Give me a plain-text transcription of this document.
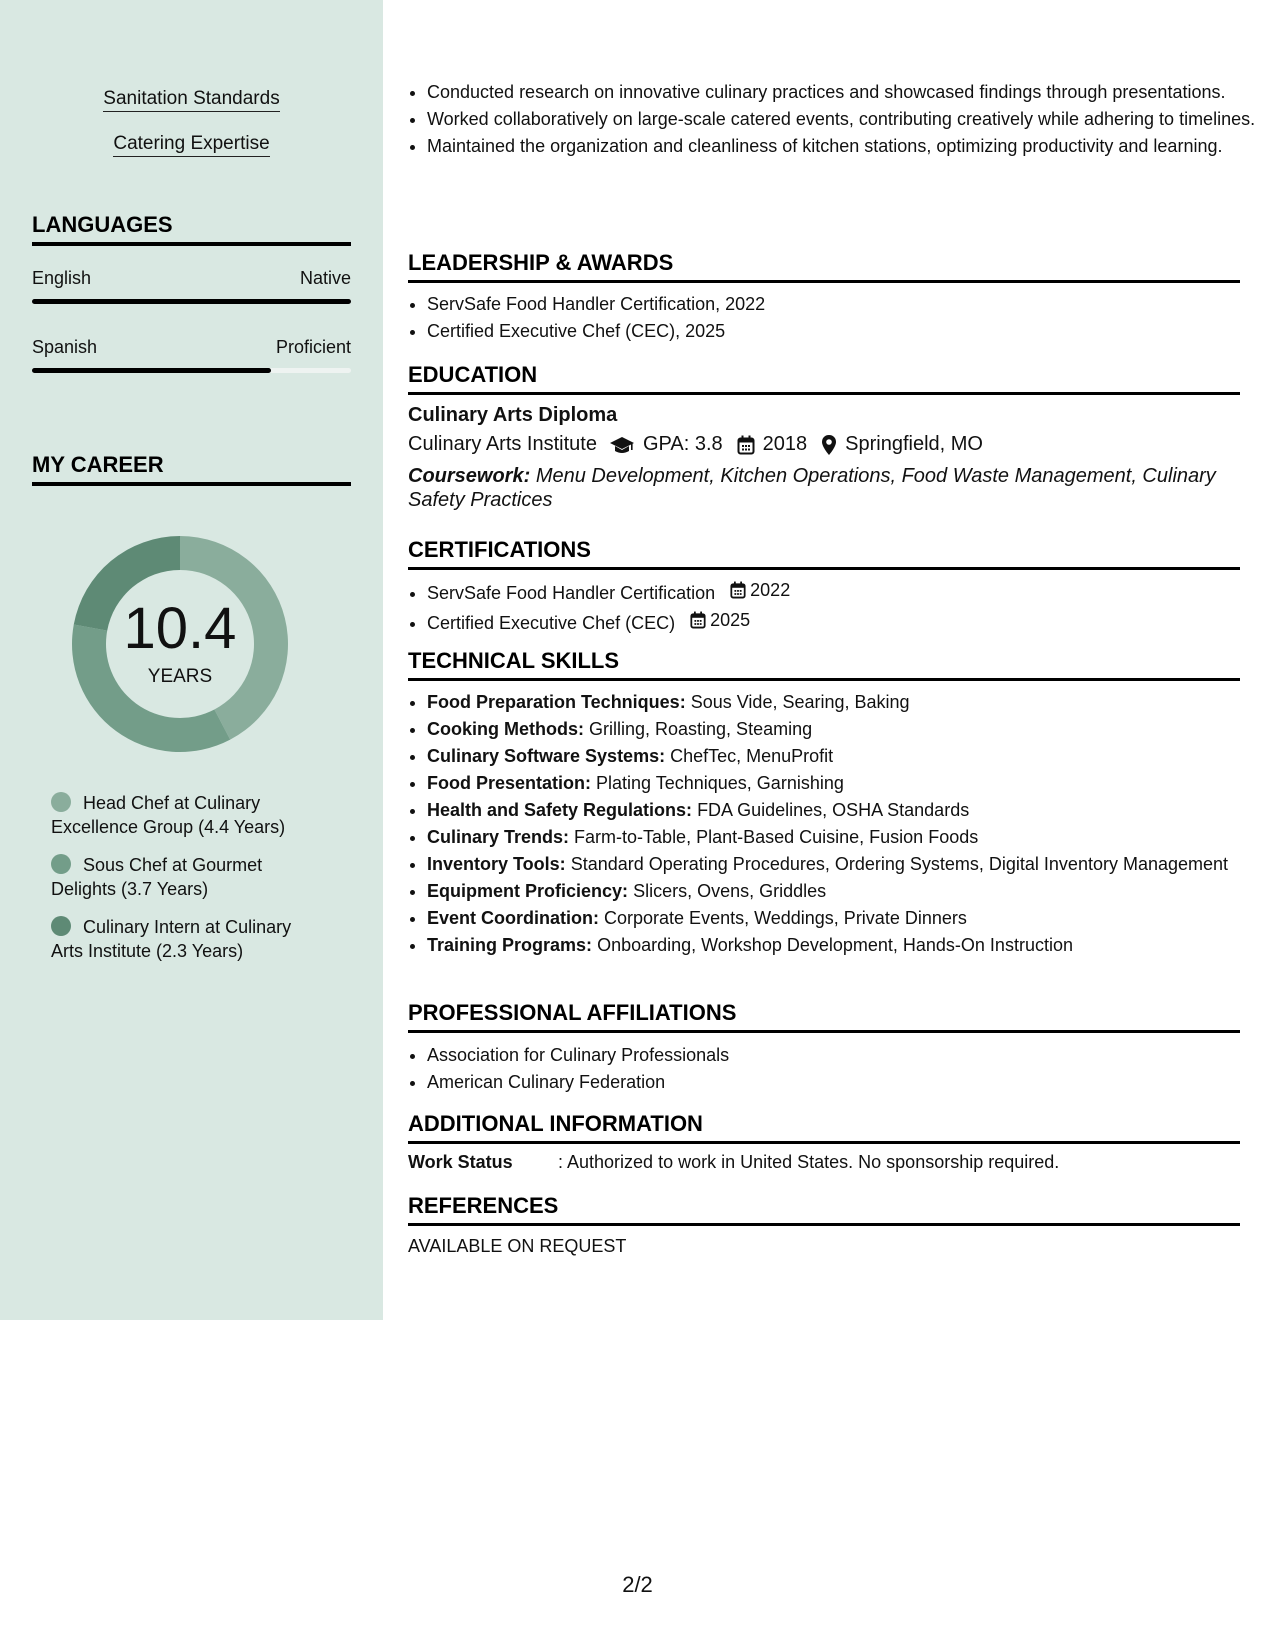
Sanitation Standards
Catering Expertise
LANGUAGES
English	Native
Spanish	Proficient
MY CAREER
10.4
YEARS
Head Chef at Culinary Excellence Group (4.4 Years)
Sous Chef at Gourmet Delights (3.7 Years)
Culinary Intern at Culinary Arts Institute (2.3 Years)
• Conducted research on innovative culinary practices and showcased findings through presentations.
• Worked collaboratively on large-scale catered events, contributing creatively while adhering to timelines.
• Maintained the organization and cleanliness of kitchen stations, optimizing productivity and learning.
LEADERSHIP & AWARDS
• ServSafe Food Handler Certification, 2022
• Certified Executive Chef (CEC), 2025
EDUCATION
Culinary Arts Diploma
Culinary Arts Institute GPA: 3.8 2018 Springfield, MO
Coursework: Menu Development, Kitchen Operations, Food Waste Management, Culinary Safety Practices
CERTIFICATIONS
• ServSafe Food Handler Certification 2022
• Certified Executive Chef (CEC) 2025
TECHNICAL SKILLS
• Food Preparation Techniques: Sous Vide, Searing, Baking
• Cooking Methods: Grilling, Roasting, Steaming
• Culinary Software Systems: ChefTec, MenuProfit
• Food Presentation: Plating Techniques, Garnishing
• Health and Safety Regulations: FDA Guidelines, OSHA Standards
• Culinary Trends: Farm-to-Table, Plant-Based Cuisine, Fusion Foods
• Inventory Tools: Standard Operating Procedures, Ordering Systems, Digital Inventory Management
• Equipment Proficiency: Slicers, Ovens, Griddles
• Event Coordination: Corporate Events, Weddings, Private Dinners
• Training Programs: Onboarding, Workshop Development, Hands-On Instruction
PROFESSIONAL AFFILIATIONS
• Association for Culinary Professionals
• American Culinary Federation
ADDITIONAL INFORMATION
Work Status	: Authorized to work in United States. No sponsorship required.
REFERENCES
AVAILABLE ON REQUEST
2/2
